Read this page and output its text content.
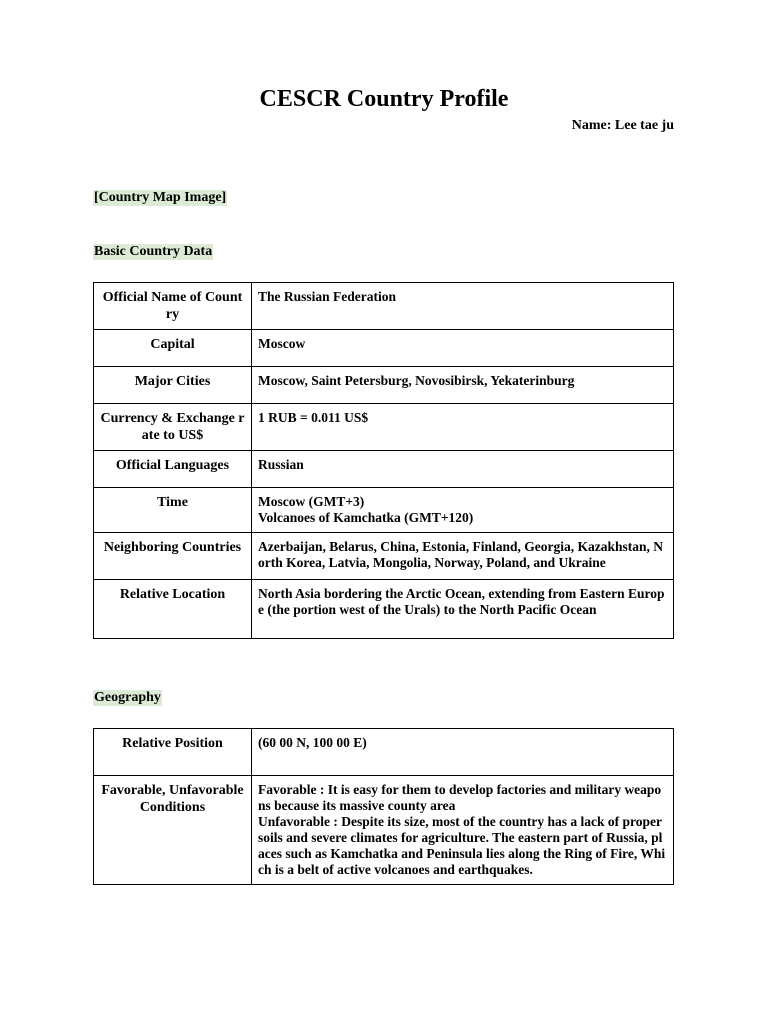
CESCR Country Profile
Name: Lee tae ju
[Country Map Image]
Basic Country Data
Official Name of Country	The Russian Federation
Capital	Moscow
Major Cities	Moscow, Saint Petersburg, Novosibirsk, Yekaterinburg
Currency & Exchange rate to US$	1 RUB = 0.011 US$
Official Languages	Russian
Time	Moscow (GMT+3)
Volcanoes of Kamchatka (GMT+120)
Neighboring Countries	Azerbaijan, Belarus, China, Estonia, Finland, Georgia, Kazakhstan, North Korea, Latvia, Mongolia, Norway, Poland, and Ukraine
Relative Location	North Asia bordering the Arctic Ocean, extending from Eastern Europe (the portion west of the Urals) to the North Pacific Ocean
Geography
Relative Position	(60 00 N, 100 00 E)
Favorable, Unfavorable Conditions	Favorable : It is easy for them to develop factories and military weapons because its massive county area
Unfavorable : Despite its size, most of the country has a lack of proper soils and severe climates for agriculture. The eastern part of Russia, places such as Kamchatka and Peninsula lies along the Ring of Fire, Which is a belt of active volcanoes and earthquakes.
